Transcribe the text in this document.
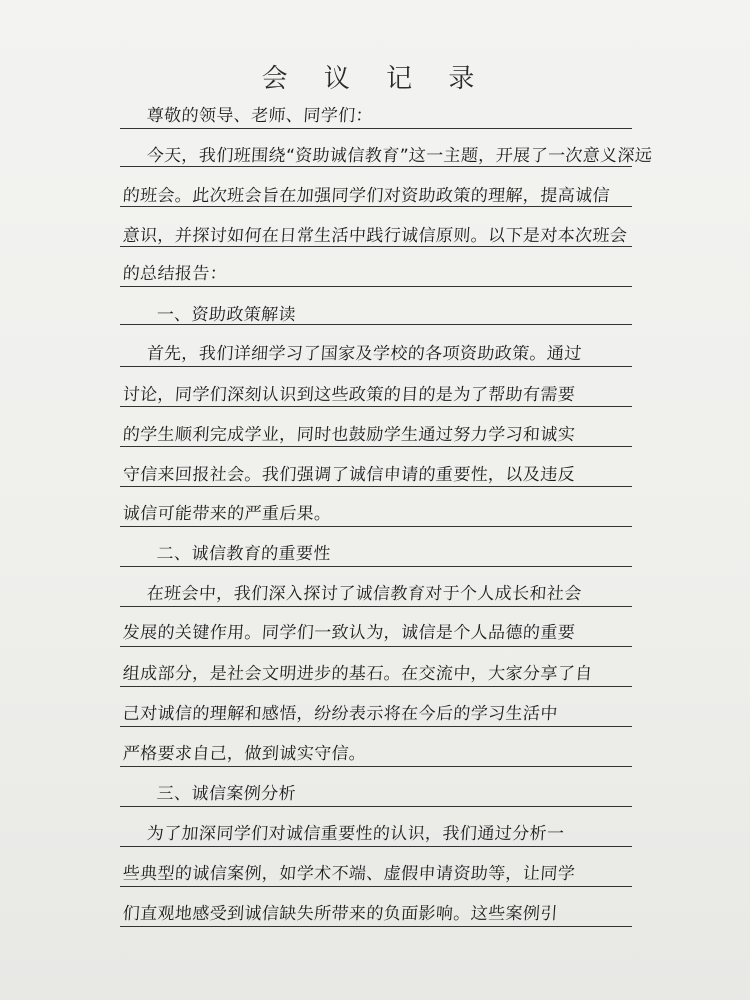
会 议 记 录
尊敬的领导、老师、同学们：
今天，我们班围绕“资助诚信教育”这一主题，开展了一次意义深远
的班会。此次班会旨在加强同学们对资助政策的理解，提高诚信
意识，并探讨如何在日常生活中践行诚信原则。以下是对本次班会
的总结报告：
一、资助政策解读
首先，我们详细学习了国家及学校的各项资助政策。通过
讨论，同学们深刻认识到这些政策的目的是为了帮助有需要
的学生顺利完成学业，同时也鼓励学生通过努力学习和诚实
守信来回报社会。我们强调了诚信申请的重要性，以及违反
诚信可能带来的严重后果。
二、诚信教育的重要性
在班会中，我们深入探讨了诚信教育对于个人成长和社会
发展的关键作用。同学们一致认为，诚信是个人品德的重要
组成部分，是社会文明进步的基石。在交流中，大家分享了自
己对诚信的理解和感悟，纷纷表示将在今后的学习生活中
严格要求自己，做到诚实守信。
三、诚信案例分析
为了加深同学们对诚信重要性的认识，我们通过分析一
些典型的诚信案例，如学术不端、虚假申请资助等，让同学
们直观地感受到诚信缺失所带来的负面影响。这些案例引
